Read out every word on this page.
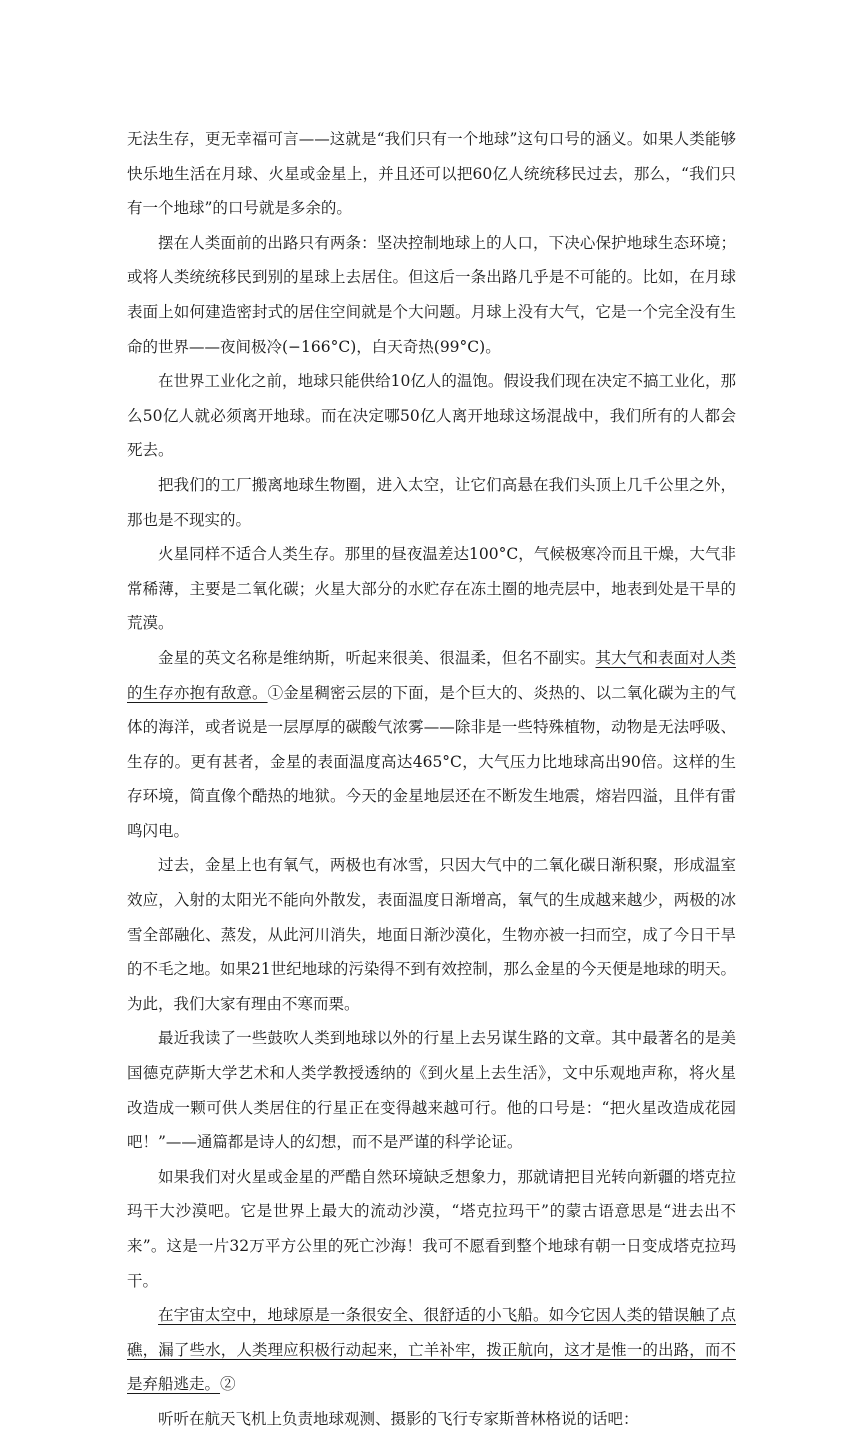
无法生存，更无幸福可言——这就是“我们只有一个地球”这句口号的涵义。如果人类能够快乐地生活在月球、火星或金星上，并且还可以把60亿人统统移民过去，那么，“我们只有一个地球”的口号就是多余的。

摆在人类面前的出路只有两条：坚决控制地球上的人口，下决心保护地球生态环境；或将人类统统移民到别的星球上去居住。但这后一条出路几乎是不可能的。比如，在月球表面上如何建造密封式的居住空间就是个大问题。月球上没有大气，它是一个完全没有生命的世界——夜间极冷(−166°C)，白天奇热(99°C)。

在世界工业化之前，地球只能供给10亿人的温饱。假设我们现在决定不搞工业化，那么50亿人就必须离开地球。而在决定哪50亿人离开地球这场混战中，我们所有的人都会死去。

把我们的工厂搬离地球生物圈，进入太空，让它们高悬在我们头顶上几千公里之外，那也是不现实的。

火星同样不适合人类生存。那里的昼夜温差达100°C，气候极寒冷而且干燥，大气非常稀薄，主要是二氧化碳；火星大部分的水贮存在冻土圈的地壳层中，地表到处是干旱的荒漠。

金星的英文名称是维纳斯，听起来很美、很温柔，但名不副实。其大气和表面对人类的生存亦抱有敌意。①金星稠密云层的下面，是个巨大的、炎热的、以二氧化碳为主的气体的海洋，或者说是一层厚厚的碳酸气浓雾——除非是一些特殊植物，动物是无法呼吸、生存的。更有甚者，金星的表面温度高达465°C，大气压力比地球高出90倍。这样的生存环境，简直像个酷热的地狱。今天的金星地层还在不断发生地震，熔岩四溢，且伴有雷鸣闪电。

过去，金星上也有氧气，两极也有冰雪，只因大气中的二氧化碳日渐积聚，形成温室效应，入射的太阳光不能向外散发，表面温度日渐增高，氧气的生成越来越少，两极的冰雪全部融化、蒸发，从此河川消失，地面日渐沙漠化，生物亦被一扫而空，成了今日干旱的不毛之地。如果21世纪地球的污染得不到有效控制，那么金星的今天便是地球的明天。为此，我们大家有理由不寒而栗。

最近我读了一些鼓吹人类到地球以外的行星上去另谋生路的文章。其中最著名的是美国德克萨斯大学艺术和人类学教授透纳的《到火星上去生活》，文中乐观地声称，将火星改造成一颗可供人类居住的行星正在变得越来越可行。他的口号是：“把火星改造成花园吧！”——通篇都是诗人的幻想，而不是严谨的科学论证。

如果我们对火星或金星的严酷自然环境缺乏想象力，那就请把目光转向新疆的塔克拉玛干大沙漠吧。它是世界上最大的流动沙漠，“塔克拉玛干”的蒙古语意思是“进去出不来”。这是一片32万平方公里的死亡沙海！我可不愿看到整个地球有朝一日变成塔克拉玛干。

在宇宙太空中，地球原是一条很安全、很舒适的小飞船。如今它因人类的错误触了点礁，漏了些水，人类理应积极行动起来，亡羊补牢，拨正航向，这才是惟一的出路，而不是弃船逃走。②

听听在航天飞机上负责地球观测、摄影的飞行专家斯普林格说的话吧：
